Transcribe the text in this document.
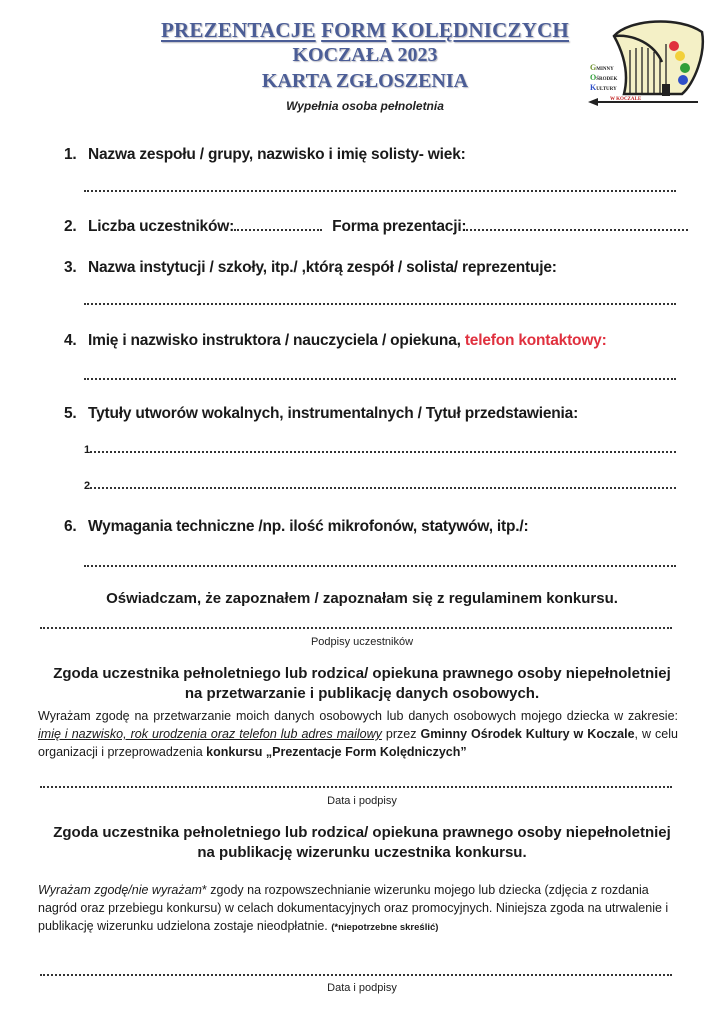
PREZENTACJE FORM KOLĘDNICZYCH
KOCZAŁA 2023
KARTA ZGŁOSZENIA
Wypełnia osoba pełnoletnia
GMINNY
OŚRODEK
KULTURY
W KOCZALE
1. Nazwa zespołu / grupy, nazwisko i imię solisty- wiek:
2. Liczba uczestników:	Forma prezentacji:
3. Nazwa instytucji / szkoły, itp./ ,którą zespół / solista/ reprezentuje:
4. Imię i nazwisko instruktora / nauczyciela / opiekuna, telefon kontaktowy:
5. Tytuły utworów wokalnych, instrumentalnych / Tytuł przedstawienia:
1
2
6. Wymagania techniczne /np. ilość mikrofonów, statywów, itp./:
Oświadczam, że zapoznałem / zapoznałam się z regulaminem konkursu.
Podpisy uczestników
Zgoda uczestnika pełnoletniego lub rodzica/ opiekuna prawnego osoby niepełnoletniej
na przetwarzanie i publikację danych osobowych.
Wyrażam zgodę na przetwarzanie moich danych osobowych lub danych osobowych mojego dziecka w zakresie: imię i nazwisko, rok urodzenia oraz telefon lub adres mailowy przez Gminny Ośrodek Kultury w Koczale, w celu organizacji i przeprowadzenia konkursu „Prezentacje Form Kolędniczych”
Data i podpisy
Zgoda uczestnika pełnoletniego lub rodzica/ opiekuna prawnego osoby niepełnoletniej
na publikację wizerunku uczestnika konkursu.
Wyrażam zgodę/nie wyrażam* zgody na rozpowszechnianie wizerunku mojego lub dziecka (zdjęcia z rozdania nagród oraz przebiegu konkursu) w celach dokumentacyjnych oraz promocyjnych. Niniejsza zgoda na utrwalenie i publikację wizerunku udzielona zostaje nieodpłatnie. (*niepotrzebne skreślić)
Data i podpisy
